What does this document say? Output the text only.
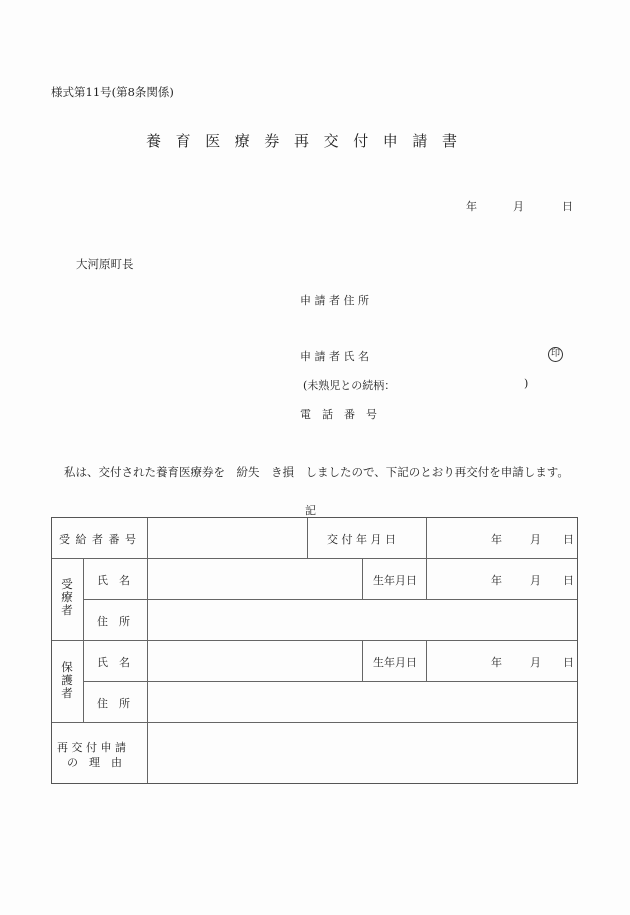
様式第11号(第8条関係)
養育医療券再交付申請書
年	月	日
大河原町長
申 請 者 住 所
申 請 者 氏 名	印
(未熟児との続柄：	)
電　話　番　号
私は、交付された養育医療券を　紛失　き損　しましたので、下記のとおり再交付を申請します。
記
受 給 者 番 号	交 付 年 月 日	年	月 日
受
療
者
氏　名	生年月日	年	月 日
住　所
保
護
者
氏　名	生年月日	年	月 日
住　所
再 交 付 申 請
の　理　由
